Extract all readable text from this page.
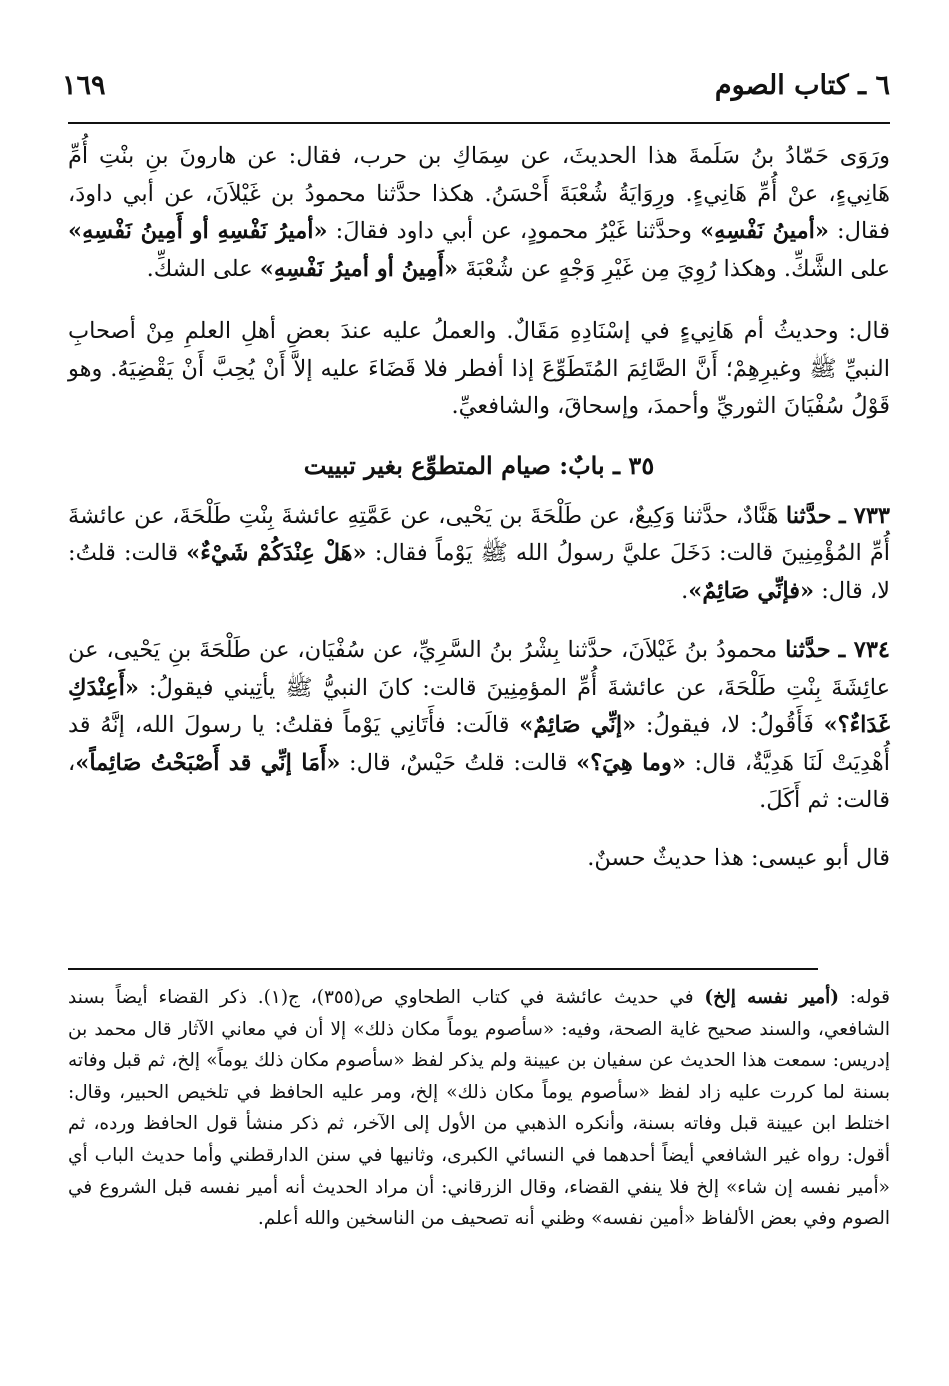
٦ ـ كتاب الصوم
١٦٩

ورَوَى حَمّادُ بنُ سَلَمةَ هذا الحديثَ، عن سِمَاكِ بن حرب، فقال: عن هارونَ بنِ بنْتِ أُمِّ هَانِيءٍ، عنْ أُمِّ هَانِيءٍ. ورِوَايَةُ شُعْبَةَ أَحْسَنُ. هكذا حدَّثنا محمودُ بن غَيْلاَنَ، عن أبي داودَ، فقال: «أمينُ نَفْسِهِ» وحدَّثنا غَيْرُ محمودٍ، عن أبي داود فقالَ: «أميرُ نَفْسِهِ أو أَمِينُ نَفْسِهِ» على الشَّكِّ. وهكذا رُوِيَ مِن غَيْرِ وَجْهٍ عن شُعْبَةَ «أَمِينُ أو أميرُ نَفْسِهِ» على الشكِّ.

قال: وحديثُ أم هَانِيءٍ في إسْنَادِهِ مَقَالٌ. والعملُ عليه عندَ بعضِ أهلِ العلمِ مِنْ أصحابِ النبيِّ ﷺ وغيرِهِمْ؛ أَنَّ الصَّائِمَ المُتَطَوِّعَ إذا أفطر فلا قَضَاءَ عليه إلاَّ أَنْ يُحِبَّ أَنْ يَقْضِيَهُ. وهو قَوْلُ سُفْيَانَ الثوريِّ وأحمدَ، وإسحاقَ، والشافعيِّ.

٣٥ ـ بابٌ: صيام المتطوِّع بغير تبييت

٧٣٣ ـ حدَّثنا هَنَّادٌ، حدَّثنا وَكِيعٌ، عن طَلْحَةَ بن يَحْيى، عن عَمَّتِهِ عائشةَ بِنْتِ طَلْحَةَ، عن عائشةَ أُمِّ المُؤْمِنِينَ قالت: دَخَلَ عليَّ رسولُ الله ﷺ يَوْماً فقال: «هَلْ عِنْدَكُمْ شَيْءٌ» قالت: قلتُ: لا، قال: «فإنِّي صَائِمٌ».

٧٣٤ ـ حدَّثنا محمودُ بنُ غَيْلاَنَ، حدَّثنا بِشْرُ بنُ السَّرِيِّ، عن سُفْيَان، عن طَلْحَةَ بنِ يَحْيى، عن عائِشَةَ بِنْتِ طَلْحَةَ، عن عائشةَ أُمِّ المؤمِنِينَ قالت: كانَ النبيُّ ﷺ يأتِيني فيقولُ: «أَعِنْدَكِ غَدَاءٌ؟» فَأَقُولُ: لا، فيقولُ: «إنِّي صَائِمٌ» قالَت: فأَتَانِي يَوْماً فقلتُ: يا رسولَ الله، إنَّهُ قد أُهْدِيَتْ لَنَا هَدِيَّةٌ، قال: «وما هِيَ؟» قالت: قلتُ حَيْسٌ، قال: «أَمَا إنِّي قد أَصْبَحْتُ صَائِماً»، قالت: ثم أَكَلَ.

قال أبو عيسى: هذا حديثٌ حسنٌ.

قوله: (أمير نفسه إلخ) في حديث عائشة في كتاب الطحاوي ص(٣٥٥)، ج(١). ذكر القضاء أيضاً بسند الشافعي، والسند صحيح غاية الصحة، وفيه: «سأصوم يوماً مكان ذلك» إلا أن في معاني الآثار قال محمد بن إدريس: سمعت هذا الحديث عن سفيان بن عيينة ولم يذكر لفظ «سأصوم مكان ذلك يوماً» إلخ، ثم قبل وفاته بسنة لما كررت عليه زاد لفظ «سأصوم يوماً مكان ذلك» إلخ، ومر عليه الحافظ في تلخيص الحبير، وقال: اختلط ابن عيينة قبل وفاته بسنة، وأنكره الذهبي من الأول إلى الآخر، ثم ذكر منشأ قول الحافظ ورده، ثم أقول: رواه غير الشافعي أيضاً أحدهما في النسائي الكبرى، وثانيها في سنن الدارقطني وأما حديث الباب أي «أمير نفسه إن شاء» إلخ فلا ينفي القضاء، وقال الزرقاني: أن مراد الحديث أنه أمير نفسه قبل الشروع في الصوم وفي بعض الألفاظ «أمين نفسه» وظني أنه تصحيف من الناسخين والله أعلم.
